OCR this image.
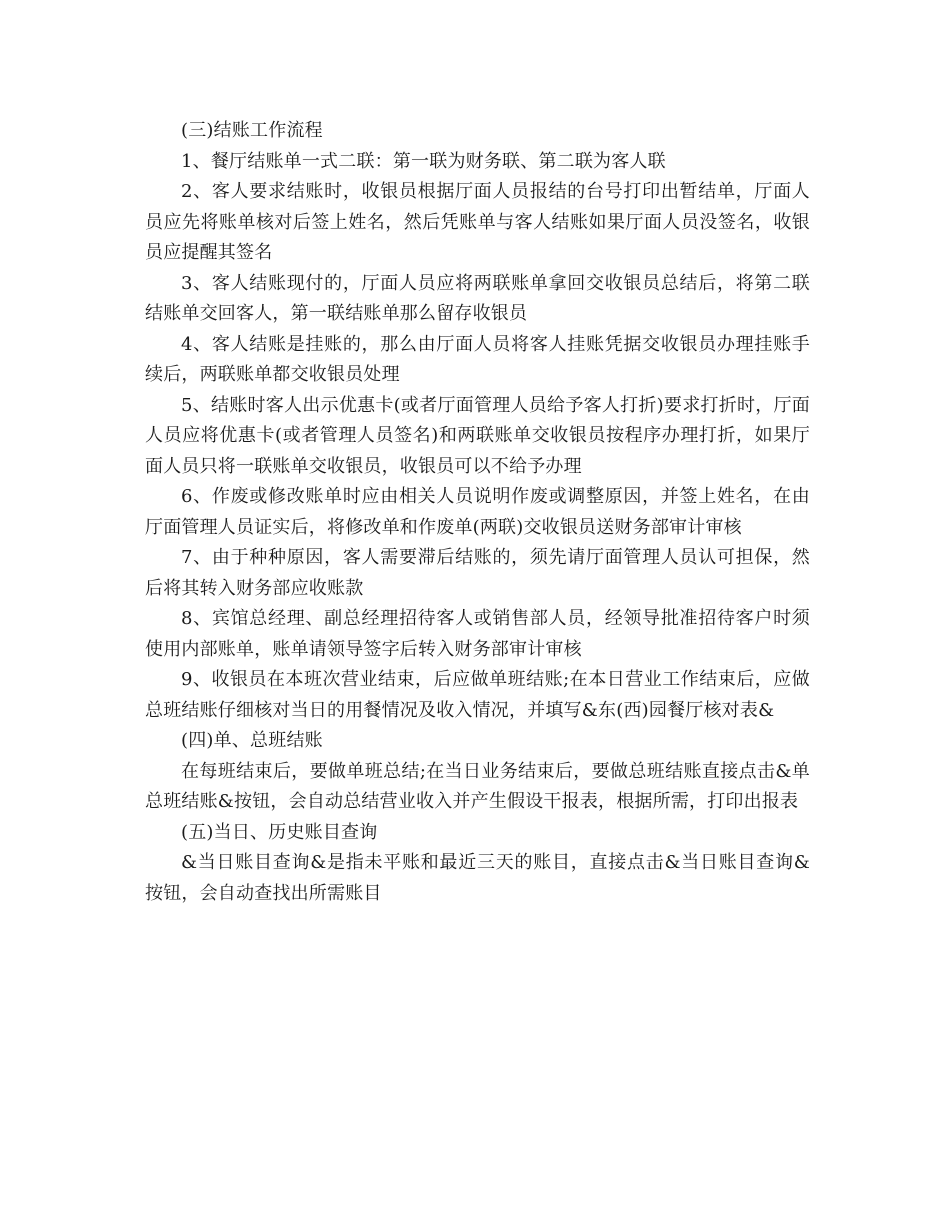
(三)结账工作流程

1、餐厅结账单一式二联：第一联为财务联、第二联为客人联

2、客人要求结账时，收银员根据厅面人员报结的台号打印出暂结单，厅面人员应先将账单核对后签上姓名，然后凭账单与客人结账如果厅面人员没签名，收银员应提醒其签名

3、客人结账现付的，厅面人员应将两联账单拿回交收银员总结后，将第二联结账单交回客人，第一联结账单那么留存收银员

4、客人结账是挂账的，那么由厅面人员将客人挂账凭据交收银员办理挂账手续后，两联账单都交收银员处理

5、结账时客人出示优惠卡(或者厅面管理人员给予客人打折)要求打折时，厅面人员应将优惠卡(或者管理人员签名)和两联账单交收银员按程序办理打折，如果厅面人员只将一联账单交收银员，收银员可以不给予办理

6、作废或修改账单时应由相关人员说明作废或调整原因，并签上姓名，在由厅面管理人员证实后，将修改单和作废单(两联)交收银员送财务部审计审核

7、由于种种原因，客人需要滞后结账的，须先请厅面管理人员认可担保，然后将其转入财务部应收账款

8、宾馆总经理、副总经理招待客人或销售部人员，经领导批准招待客户时须使用内部账单，账单请领导签字后转入财务部审计审核

9、收银员在本班次营业结束，后应做单班结账;在本日营业工作结束后，应做总班结账仔细核对当日的用餐情况及收入情况，并填写&东(西)园餐厅核对表&

(四)单、总班结账

在每班结束后，要做单班总结;在当日业务结束后，要做总班结账直接点击&单总班结账&按钮，会自动总结营业收入并产生假设干报表，根据所需，打印出报表

(五)当日、历史账目查询

&当日账目查询&是指未平账和最近三天的账目，直接点击&当日账目查询&按钮，会自动查找出所需账目
